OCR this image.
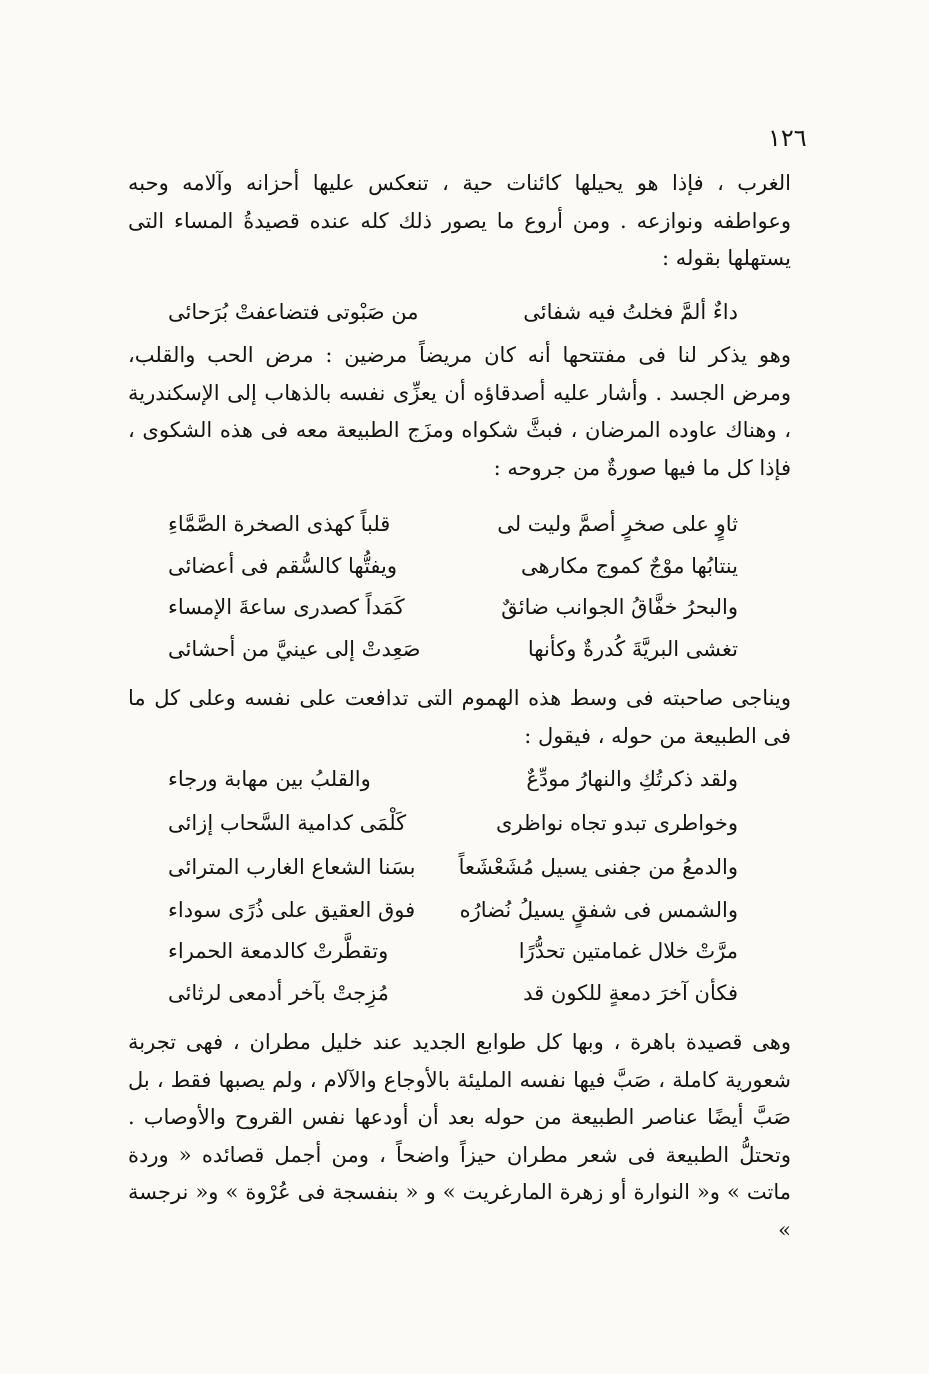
١٢٦
الغرب ، فإذا هو يحيلها كائنات حية ، تنعكس عليها أحزانه وآلامه وحبه وعواطفه ونوازعه . ومن أروع ما يصور ذلك كله عنده قصيدةُ المساء التى يستهلها بقوله :
داءٌ ألمَّ فخلتُ فيه شفائى
من صَبْوتى فتضاعفتْ بُرَحائى
وهو يذكر لنا فى مفتتحها أنه كان مريضاً مرضين : مرض الحب والقلب، ومرض الجسد . وأشار عليه أصدقاؤه أن يعزِّى نفسه بالذهاب إلى الإسكندرية ، وهناك عاوده المرضان ، فبثَّ شكواه ومزَج الطبيعة معه فى هذه الشكوى ، فإذا كل ما فيها صورةٌ من جروحه :
ثاوٍ على صخرٍ أصمَّ وليت لى
قلباً كهذى الصخرة الصَّمَّاءِ
ينتابُها موْجٌ كموج مكارهى
ويفتُّها كالسُّقم فى أعضائى
والبحرُ خفَّاقُ الجوانب ضائقٌ
كَمَداً كصدرى ساعةَ الإمساء
تغشى البريَّةَ كُدرةٌ وكأنها
صَعِدتْ إلى عينيَّ من أحشائى
ويناجى صاحبته فى وسط هذه الهموم التى تدافعت على نفسه وعلى كل ما فى الطبيعة من حوله ، فيقول :
ولقد ذكرتُكِ والنهارُ مودِّعٌ
والقلبُ بين مهابة ورجاء
وخواطرى تبدو تجاه نواظرى
كَلْمَى كدامية السَّحاب إزائى
والدمعُ من جفنى يسيل مُشَعْشَعاً
بسَنا الشعاع الغارب المترائى
والشمس فى شفقٍ يسيلُ نُضارُه
فوق العقيق على ذُرًى سوداء
مرَّتْ خلال غمامتين تحدُّرًا
وتقطَّرتْ كالدمعة الحمراء
فكأن آخرَ دمعةٍ للكون قد
مُزِجتْ بآخر أدمعى لرثائى
وهى قصيدة باهرة ، وبها كل طوابع الجديد عند خليل مطران ، فهى تجربة شعورية كاملة ، صَبَّ فيها نفسه المليئة بالأوجاع والآلام ، ولم يصبها فقط ، بل صَبَّ أيضًا عناصر الطبيعة من حوله بعد أن أودعها نفس القروح والأوصاب . وتحتلُّ الطبيعة فى شعر مطران حيزاً واضحاً ، ومن أجمل قصائده « وردة ماتت » و« النوارة أو زهرة المارغريت » و « بنفسجة فى عُرْوة » و« نرجسة »
